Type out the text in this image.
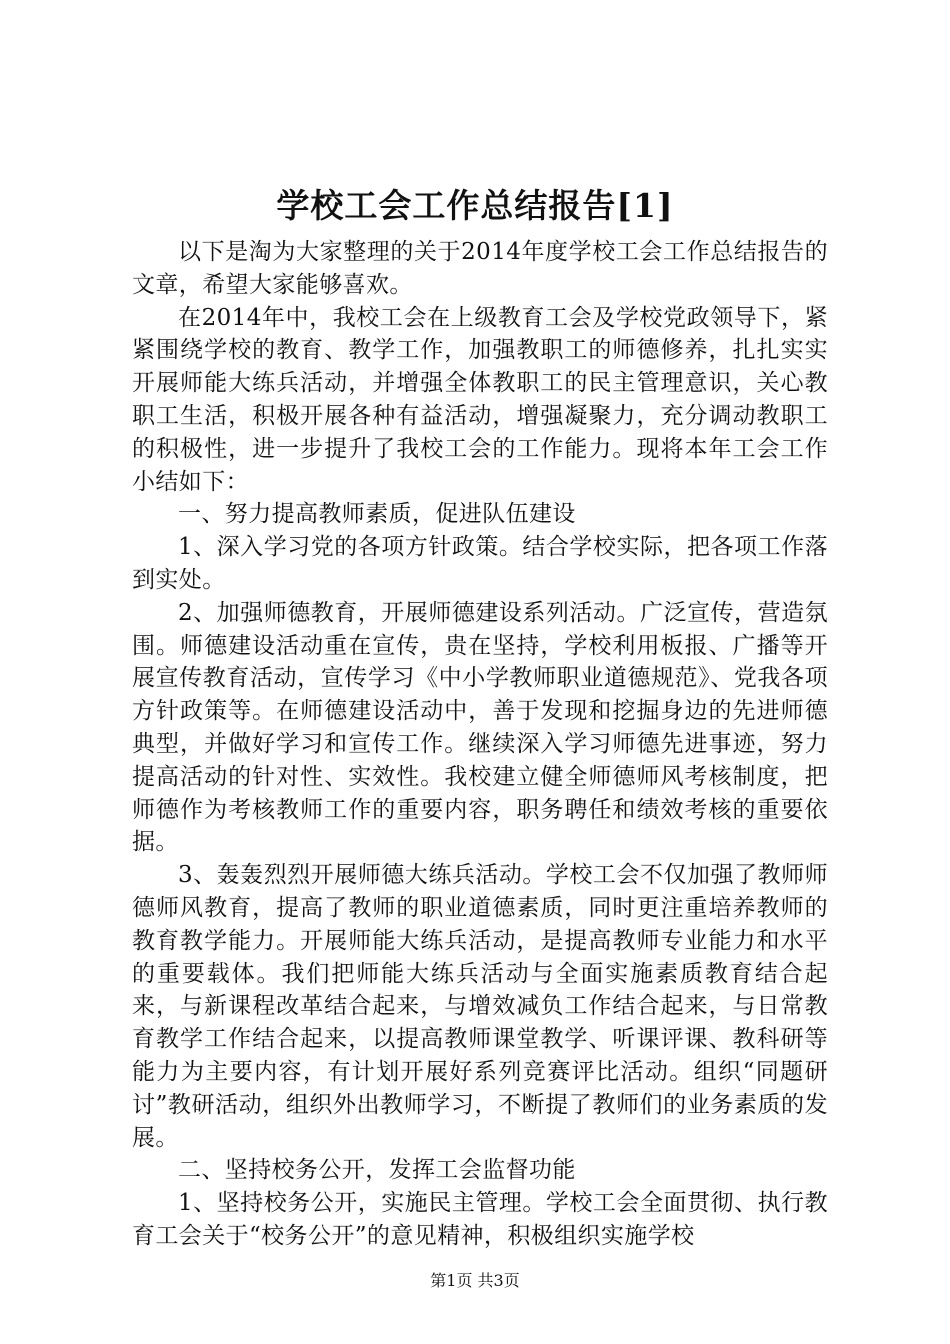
学校工会工作总结报告[1]

以下是淘为大家整理的关于2014年度学校工会工作总结报告的文章，希望大家能够喜欢。

在2014年中，我校工会在上级教育工会及学校党政领导下，紧紧围绕学校的教育、教学工作，加强教职工的师德修养，扎扎实实开展师能大练兵活动，并增强全体教职工的民主管理意识，关心教职工生活，积极开展各种有益活动，增强凝聚力，充分调动教职工的积极性，进一步提升了我校工会的工作能力。现将本年工会工作小结如下：

一、努力提高教师素质，促进队伍建设

1、深入学习党的各项方针政策。结合学校实际，把各项工作落到实处。

2、加强师德教育，开展师德建设系列活动。广泛宣传，营造氛围。师德建设活动重在宣传，贵在坚持，学校利用板报、广播等开展宣传教育活动，宣传学习《中小学教师职业道德规范》、党我各项方针政策等。在师德建设活动中，善于发现和挖掘身边的先进师德典型，并做好学习和宣传工作。继续深入学习师德先进事迹，努力提高活动的针对性、实效性。我校建立健全师德师风考核制度，把师德作为考核教师工作的重要内容，职务聘任和绩效考核的重要依据。

3、轰轰烈烈开展师德大练兵活动。学校工会不仅加强了教师师德师风教育，提高了教师的职业道德素质，同时更注重培养教师的教育教学能力。开展师能大练兵活动，是提高教师专业能力和水平的重要载体。我们把师能大练兵活动与全面实施素质教育结合起来，与新课程改革结合起来，与增效减负工作结合起来，与日常教育教学工作结合起来，以提高教师课堂教学、听课评课、教科研等能力为主要内容，有计划开展好系列竞赛评比活动。组织“同题研讨”教研活动，组织外出教师学习，不断提了教师们的业务素质的发展。

二、坚持校务公开，发挥工会监督功能

1、坚持校务公开，实施民主管理。学校工会全面贯彻、执行教育工会关于“校务公开”的意见精神，积极组织实施学校

第1页 共3页
